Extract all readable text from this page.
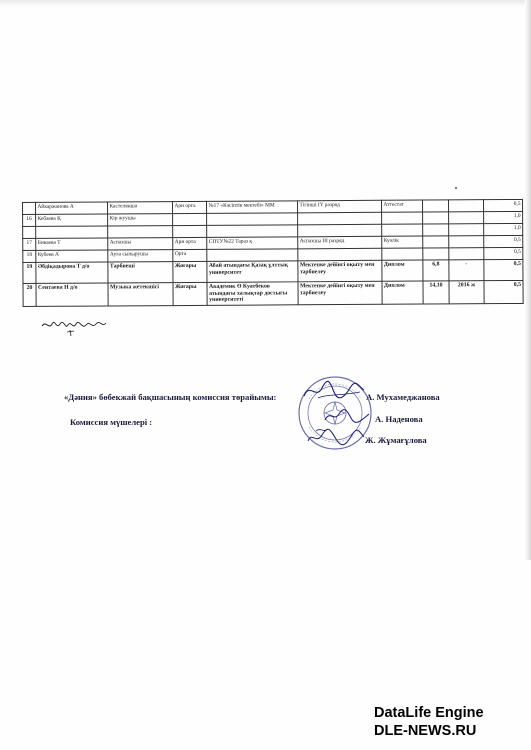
	Айкаржанова А	Кастелянша	Арн орта	№17 «Кәсіптік мектебі» ММ	Тігінші IY разряд	Аттестат			0,5
16	Кебаева Қ	Кір жуушы							1,0
									1,0
17	Бикаева Т	Аспазшы	Арн орта	СПТУ№22 Тараз қ	Аспазшы III разряд	Куәлік			0,5
18	Кубеев А	Аула сыпырушы	Орта						0,5
19	Әбдіқадырова Т д/о	Тәрбиеші	Жоғары	Абай атындағы Қазақ ұлттық университет	Мектепке дейінгі оқыту мен тәрбиелеу	Диплом	6,8	-	0,5
20	Сеитаева Н д/о	Музыка жетекшісі	Жоғары	Академик Ө Куатбеков атындағы халықтар достығы университеті	Мектепке дейінгі оқыту мен тәрбиелеу	Диплом	14,10	2016 ж	0,5
«Дәния» бөбекжай бақшасының комиссия төрайымы:
Комиссия мүшелері :
А. Мухамеджанова
А. Наденова
Ж. Жұмағұлова
DataLife Engine
DLE-NEWS.RU
